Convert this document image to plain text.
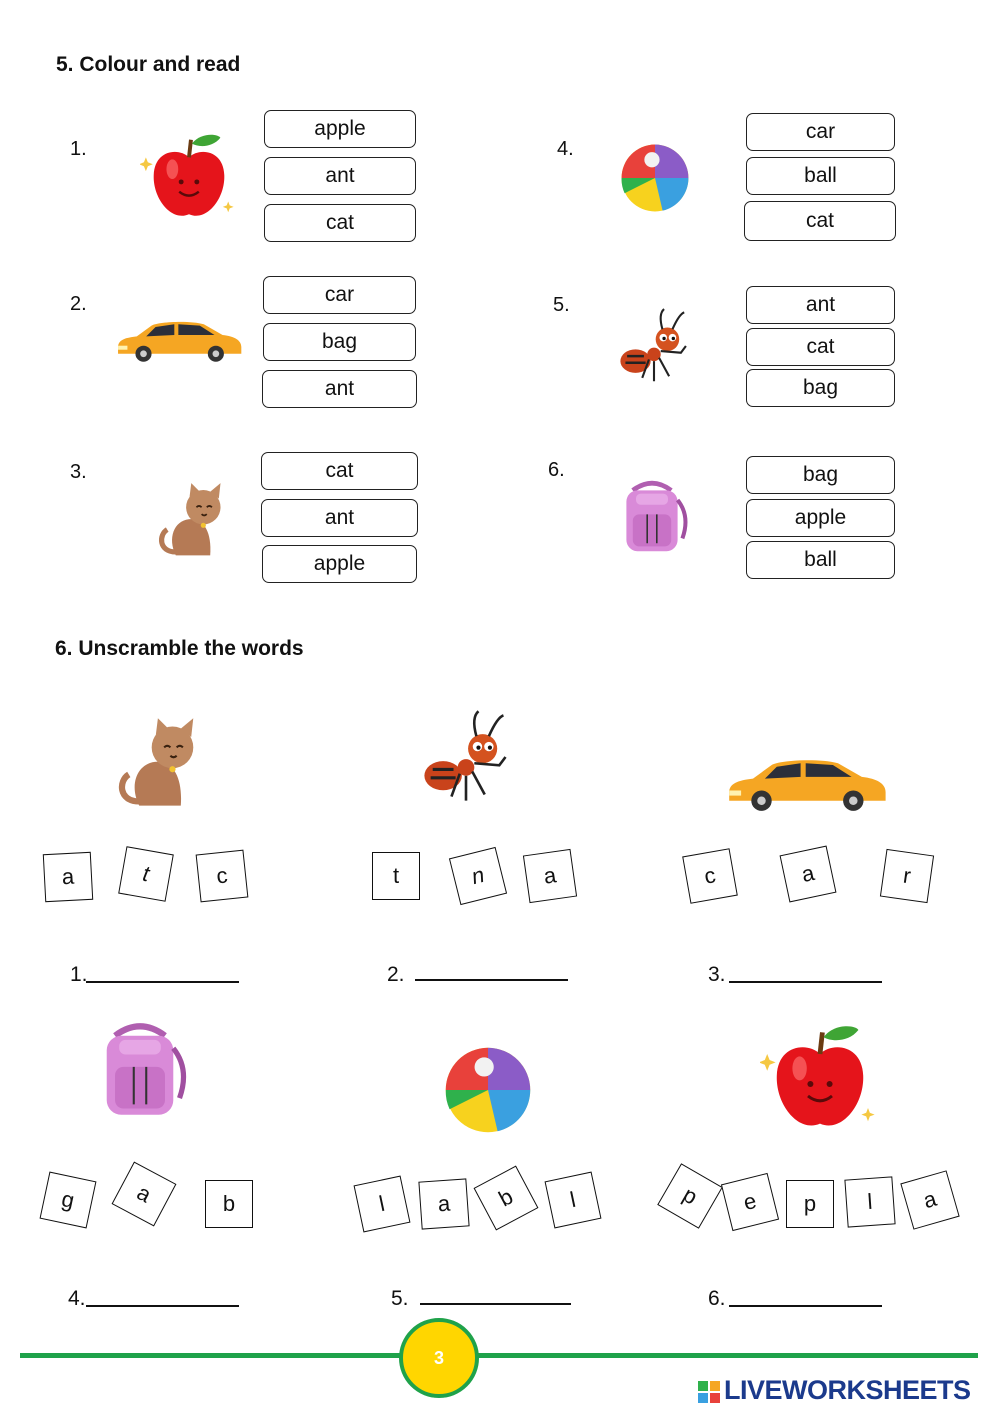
5. Colour and read
1.
apple
ant
cat
2.	car
bag
ant
3.	cat
ant
apple
4.
car
ball
cat
5.	ant
cat
bag
6.	bag
apple
ball
6. Unscramble the words
a	t	c	t	n	a	c	a	r
1.	2.	3.
g	a	b	l	a	b	l	p	e	p	l	a
4.	5.	6.
3
LIVEWORKSHEETS
